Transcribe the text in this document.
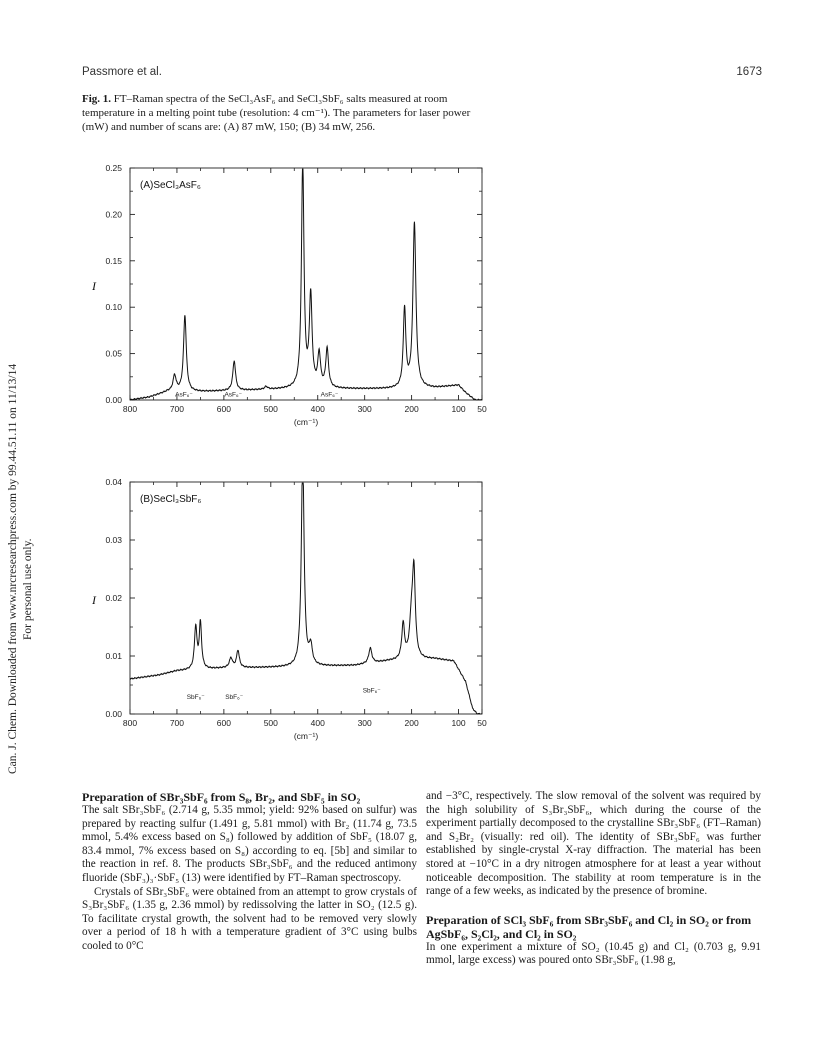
Can. J. Chem. Downloaded from www.nrcresearchpress.com by 99.44.51.11 on 11/13/14 For personal use only.
Passmore et al.	1673
Fig. 1. FT–Raman spectra of the SeCl₃AsF₆ and SeCl₃SbF₆ salts measured at room temperature in a melting point tube (resolution: 4 cm⁻¹). The parameters for laser power (mW) and number of scans are: (A) 87 mW, 150; (B) 34 mW, 256.
0.00
0.05
0.10
0.15
0.20
0.25
800	700	600	500	400	300	200	100 50
(cm⁻¹)
I
(A)SeCl₃AsF₆
AsF₆⁻	AsF₆⁻	AsF₆⁻
0.00
0.01
0.02
0.03
0.04
800	700	600	500	400	300	200	100 50
(cm⁻¹)
I
(B)SeCl₃SbF₆
SbF₆⁻	SbF₆⁻
SbF₆⁻
Preparation of SBr₃SbF₆ from S₈, Br₂, and SbF₅ in SO₂

The salt SBr₃SbF₆ (2.714 g, 5.35 mmol; yield: 92% based on sulfur) was prepared by reacting sulfur (1.491 g, 5.81 mmol) with Br₂ (11.74 g, 73.5 mmol, 5.4% excess based on S₈) followed by addition of SbF₅ (18.07 g, 83.4 mmol, 7% excess based on S₈) according to eq. [5b] and similar to the reaction in ref. 8. The products SBr₃SbF₆ and the reduced antimony fluoride (SbF₃)₃·SbF₅ (13) were identified by FT–Raman spectroscopy.

Crystals of SBr₃SbF₆ were obtained from an attempt to grow crystals of S₃Br₃SbF₆ (1.35 g, 2.36 mmol) by redissolving the latter in SO₂ (12.5 g). To facilitate crystal growth, the solvent had to be removed very slowly over a period of 18 h with a temperature gradient of 3°C using bulbs cooled to 0°C

and −3°C, respectively. The slow removal of the solvent was required by the high solubility of S₃Br₃SbF₆, which during the course of the experiment partially decomposed to the crystalline SBr₃SbF₆ (FT–Raman) and S₂Br₂ (visually: red oil). The identity of SBr₃SbF₆ was further established by single-crystal X-ray diffraction. The material has been stored at −10°C in a dry nitrogen atmosphere for at least a year without noticeable decomposition. The stability at room temperature is in the range of a few weeks, as indicated by the presence of bromine.

Preparation of SCl₃ SbF₆ from SBr₃SbF₆ and Cl₂ in SO₂ or from AgSbF₆, S₂Cl₂, and Cl₂ in SO₂

In one experiment a mixture of SO₂ (10.45 g) and Cl₂ (0.703 g, 9.91 mmol, large excess) was poured onto SBr₃SbF₆ (1.98 g,
